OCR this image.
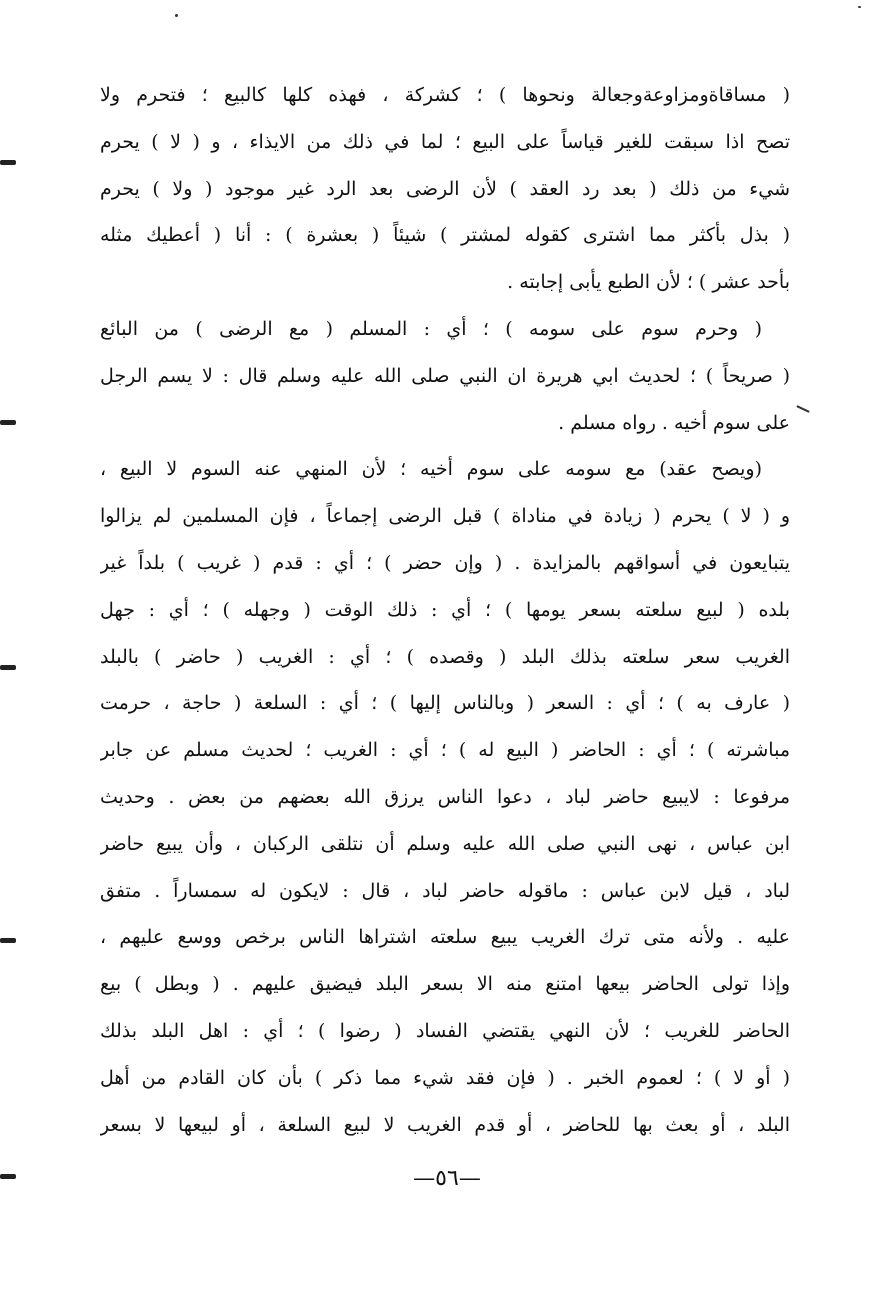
( مساقاةومزاوعةوجعالة ونحوها ) ؛ كشركة ، فهذه كلها كالبيع ؛ فتحرم ولا
تصح اذا سبقت للغير قياساً على البيع ؛ لما في ذلك من الايذاء ، و ( لا ) يحرم
شيء من ذلك ( بعد رد العقد ) لأن الرضى بعد الرد غير موجود ( ولا ) يحرم
( بذل بأكثر مما اشترى كقوله لمشتر ) شيئاً ( بعشرة ) : أنا ( أعطيك مثله
بأحد عشر ) ؛ لأن الطبع يأبى إجابته .
( وحرم سوم على سومه ) ؛ أي : المسلم ( مع الرضى ) من البائع
( صريحاً ) ؛ لحديث ابي هريرة ان النبي صلى الله عليه وسلم قال : لا يسم الرجل
على سوم أخيه . رواه مسلم .
(ويصح عقد) مع سومه على سوم أخيه ؛ لأن المنهي عنه السوم لا البيع ،
و ( لا ) يحرم ( زيادة في مناداة ) قبل الرضى إجماعاً ، فإن المسلمين لم يزالوا
يتبايعون في أسواقهم بالمزايدة . ( وإن حضر ) ؛ أي : قدم ( غريب ) بلداً غير
بلده ( لبيع سلعته بسعر يومها ) ؛ أي : ذلك الوقت ( وجهله ) ؛ أي : جهل
الغريب سعر سلعته بذلك البلد ( وقصده ) ؛ أي : الغريب ( حاضر ) بالبلد
( عارف به ) ؛ أي : السعر ( وبالناس إليها ) ؛ أي : السلعة ( حاجة ، حرمت
مباشرته ) ؛ أي : الحاضر ( البيع له ) ؛ أي : الغريب ؛ لحديث مسلم عن جابر
مرفوعا : لايبيع حاضر لباد ، دعوا الناس يرزق الله بعضهم من بعض . وحديث
ابن عباس ، نهى النبي صلى الله عليه وسلم أن نتلقى الركبان ، وأن يبيع حاضر
لباد ، قيل لابن عباس : ماقوله حاضر لباد ، قال : لايكون له سمساراً . متفق
عليه . ولأنه متى ترك الغريب يبيع سلعته اشتراها الناس برخص ووسع عليهم ،
وإذا تولى الحاضر بيعها امتنع منه الا بسعر البلد فيضيق عليهم . ( وبطل ) بيع
الحاضر للغريب ؛ لأن النهي يقتضي الفساد ( رضوا ) ؛ أي : اهل البلد بذلك
( أو لا ) ؛ لعموم الخبر . ( فإن فقد شيء مما ذكر ) بأن كان القادم من أهل
البلد ، أو بعث بها للحاضر ، أو قدم الغريب لا لبيع السلعة ، أو لبيعها لا بسعر
—٥٦—
